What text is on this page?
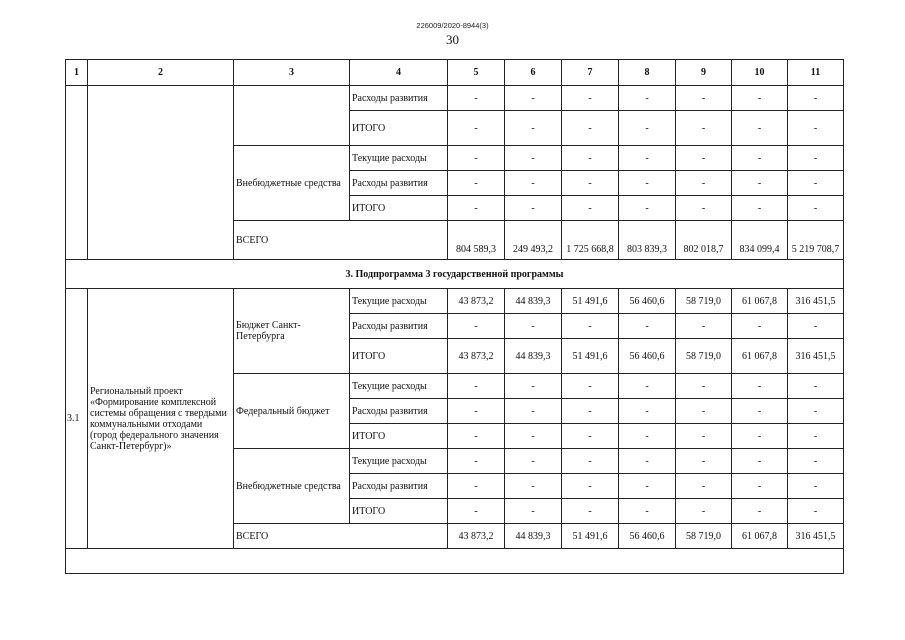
226009/2020-8944(3)
30
1	2	3	4	5	6	7	8	9	10	11
			Расходы развития	-	-	-	-	-	-	-
			ИТОГО	-	-	-	-	-	-	-
		Внебюджетные средства	Текущие расходы	-	-	-	-	-	-	-
			Расходы развития	-	-	-	-	-	-	-
			ИТОГО	-	-	-	-	-	-	-
		ВСЕГО		804 589,3	249 493,2	1 725 668,8	803 839,3	802 018,7	834 099,4	5 219 708,7
3. Подпрограмма 3 государственной программы										
3.1	Региональный проект «Формирование комплексной системы обращения с твердыми коммунальными отходами (город федерального значения Санкт-Петербург)»	Бюджет Санкт-Петербурга	Текущие расходы	43 873,2	44 839,3	51 491,6	56 460,6	58 719,0	61 067,8	316 451,5
			Расходы развития	-	-	-	-	-	-	-
			ИТОГО	43 873,2	44 839,3	51 491,6	56 460,6	58 719,0	61 067,8	316 451,5
		Федеральный бюджет	Текущие расходы	-	-	-	-	-	-	-
			Расходы развития	-	-	-	-	-	-	-
			ИТОГО	-	-	-	-	-	-	-
		Внебюджетные средства	Текущие расходы	-	-	-	-	-	-	-
			Расходы развития	-	-	-	-	-	-	-
			ИТОГО	-	-	-	-	-	-	-
		ВСЕГО		43 873,2	44 839,3	51 491,6	56 460,6	58 719,0	61 067,8	316 451,5
